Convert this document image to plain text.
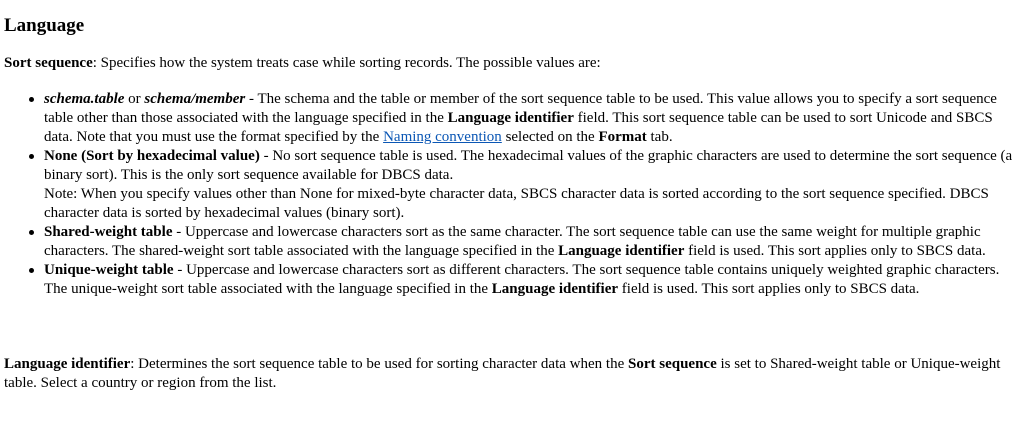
Language

Sort sequence: Specifies how the system treats case while sorting records. The possible values are:

schema.table or schema/member - The schema and the table or member of the sort sequence table to be used. This value allows you to specify a sort sequence table other than those associated with the language specified in the Language identifier field. This sort sequence table can be used to sort Unicode and SBCS data. Note that you must use the format specified by the Naming convention selected on the Format tab.
None (Sort by hexadecimal value) - No sort sequence table is used. The hexadecimal values of the graphic characters are used to determine the sort sequence (a binary sort). This is the only sort sequence available for DBCS data.
Note: When you specify values other than None for mixed-byte character data, SBCS character data is sorted according to the sort sequence specified. DBCS character data is sorted by hexadecimal values (binary sort).
Shared-weight table - Uppercase and lowercase characters sort as the same character. The sort sequence table can use the same weight for multiple graphic characters. The shared-weight sort table associated with the language specified in the Language identifier field is used. This sort applies only to SBCS data.
Unique-weight table - Uppercase and lowercase characters sort as different characters. The sort sequence table contains uniquely weighted graphic characters. The unique-weight sort table associated with the language specified in the Language identifier field is used. This sort applies only to SBCS data.

Language identifier: Determines the sort sequence table to be used for sorting character data when the Sort sequence is set to Shared-weight table or Unique-weight table. Select a country or region from the list.
